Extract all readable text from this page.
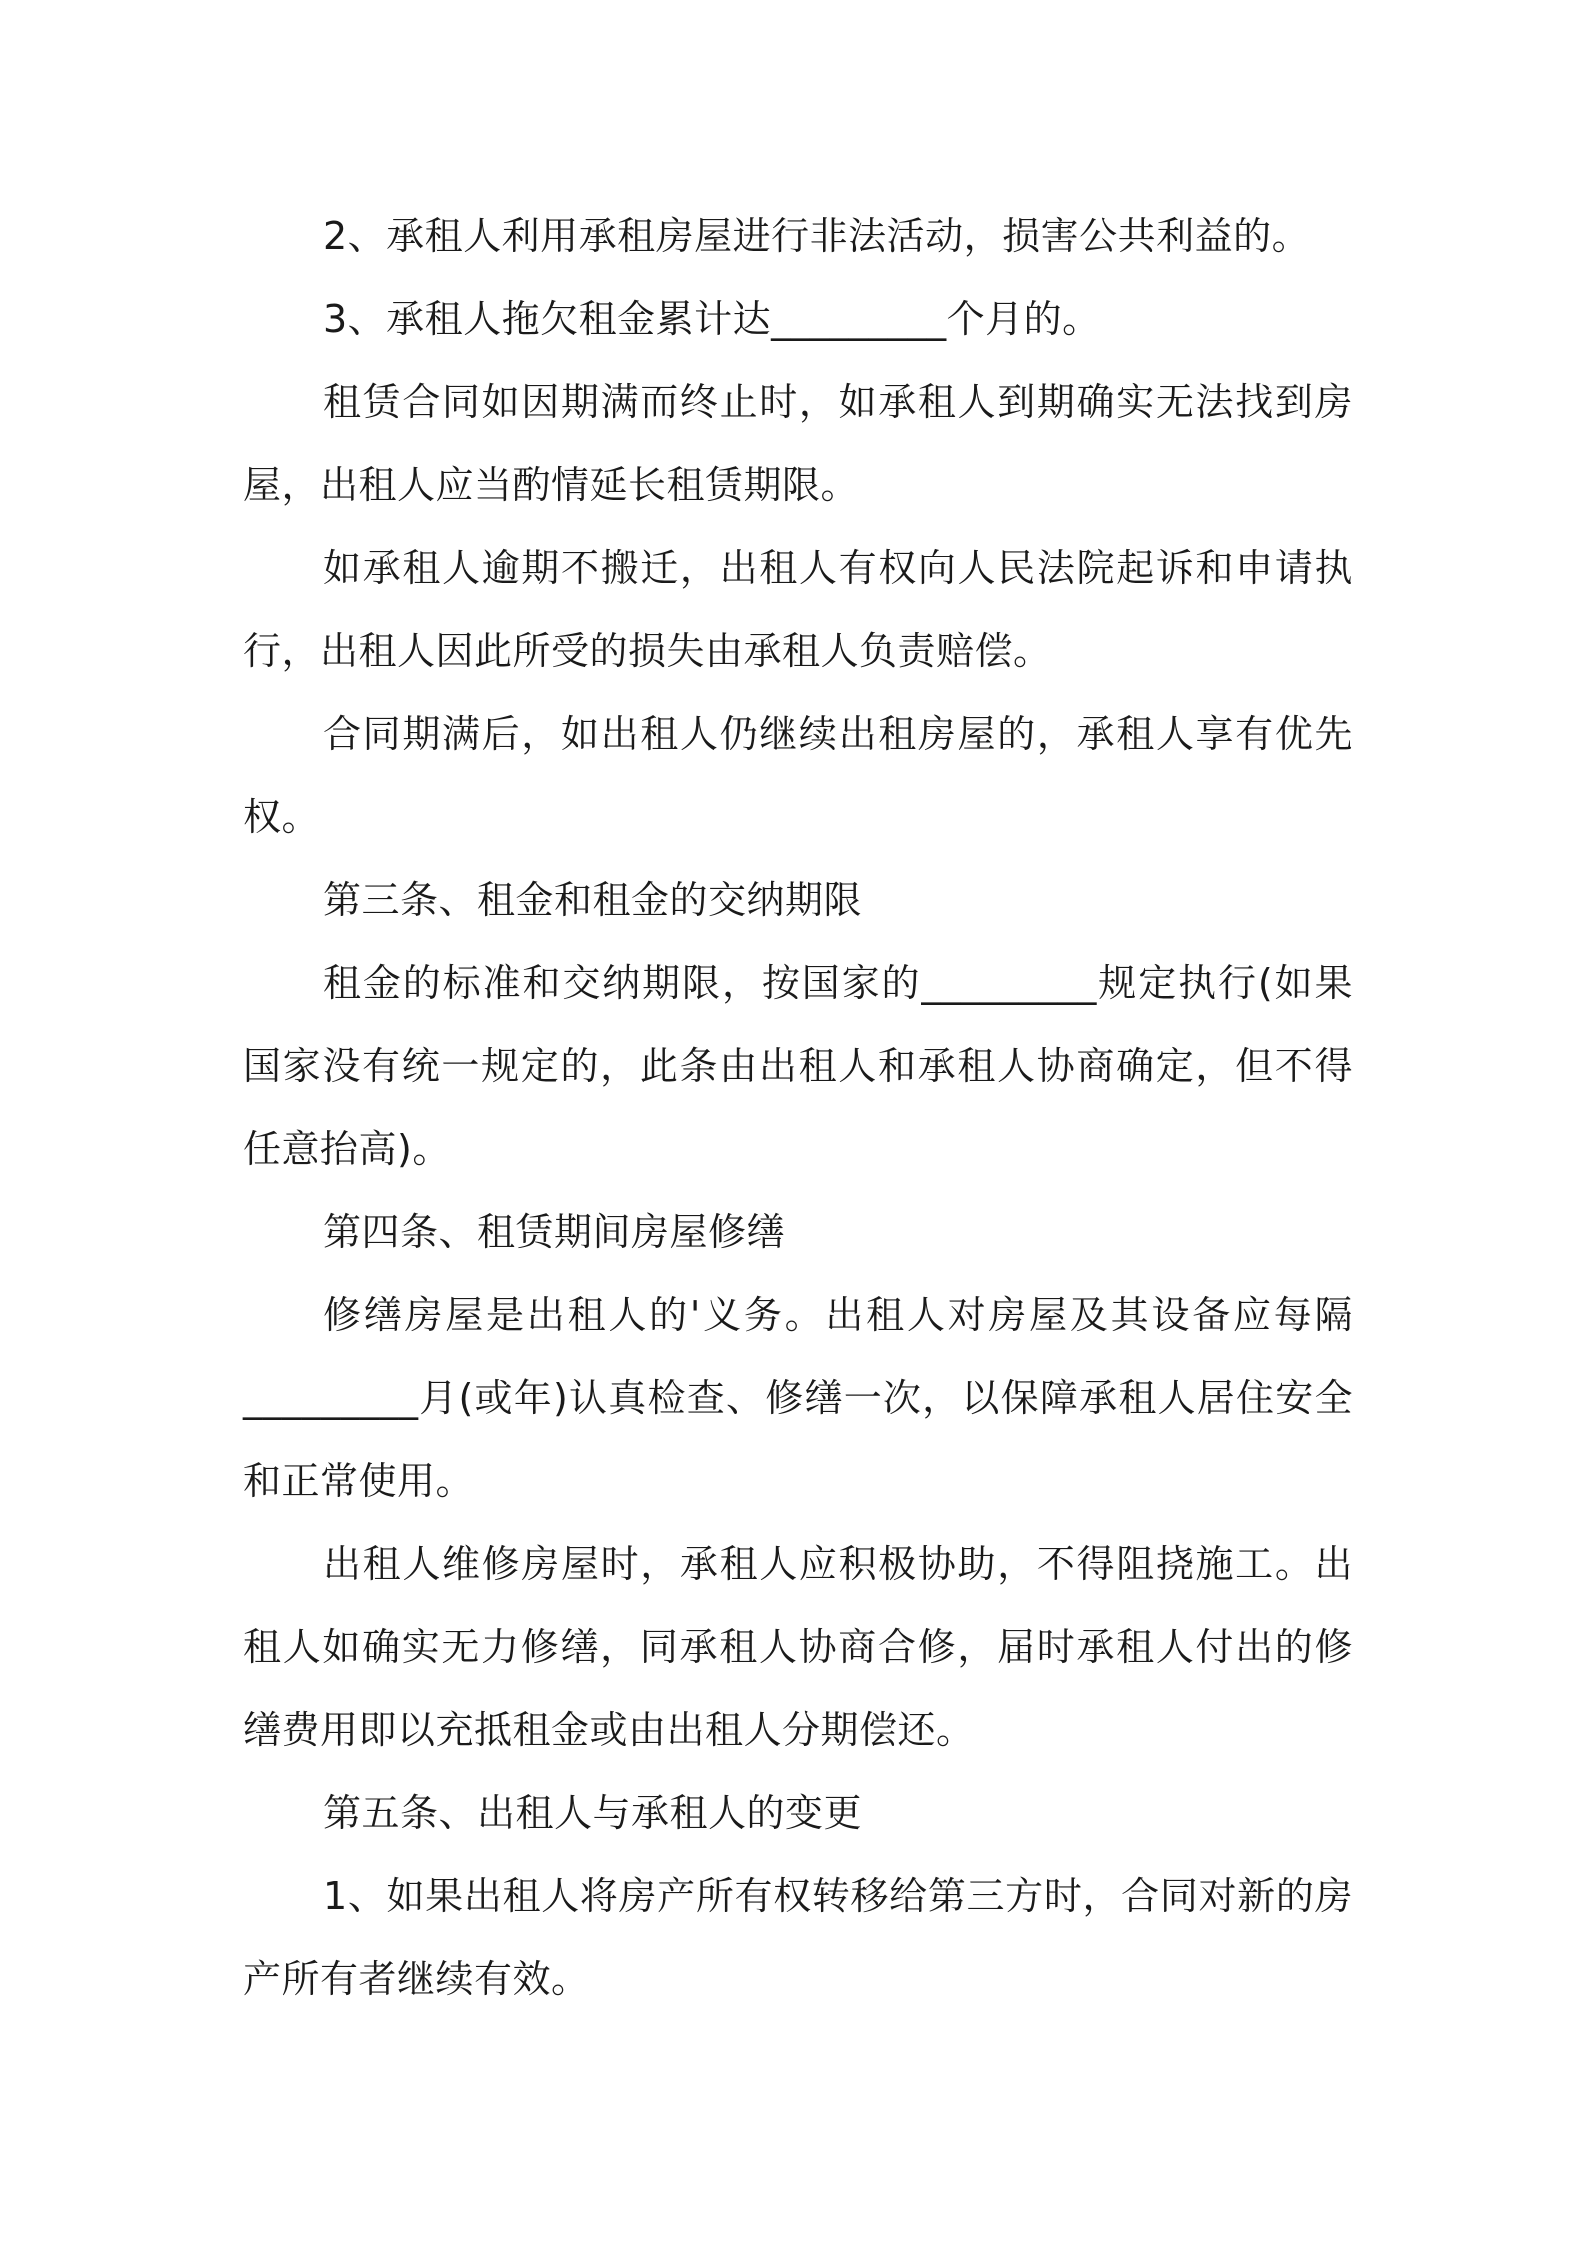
2、承租人利用承租房屋进行非法活动，损害公共利益的。

3、承租人拖欠租金累计达_________个月的。

租赁合同如因期满而终止时，如承租人到期确实无法找到房屋，出租人应当酌情延长租赁期限。

如承租人逾期不搬迁，出租人有权向人民法院起诉和申请执行，出租人因此所受的损失由承租人负责赔偿。

合同期满后，如出租人仍继续出租房屋的，承租人享有优先权。

第三条、租金和租金的交纳期限

租金的标准和交纳期限，按国家的_________规定执行(如果国家没有统一规定的，此条由出租人和承租人协商确定，但不得任意抬高)。

第四条、租赁期间房屋修缮

修缮房屋是出租人的'义务。出租人对房屋及其设备应每隔_________月(或年)认真检查、修缮一次，以保障承租人居住安全和正常使用。

出租人维修房屋时，承租人应积极协助，不得阻挠施工。出租人如确实无力修缮，同承租人协商合修，届时承租人付出的修缮费用即以充抵租金或由出租人分期偿还。

第五条、出租人与承租人的变更

1、如果出租人将房产所有权转移给第三方时，合同对新的房产所有者继续有效。
